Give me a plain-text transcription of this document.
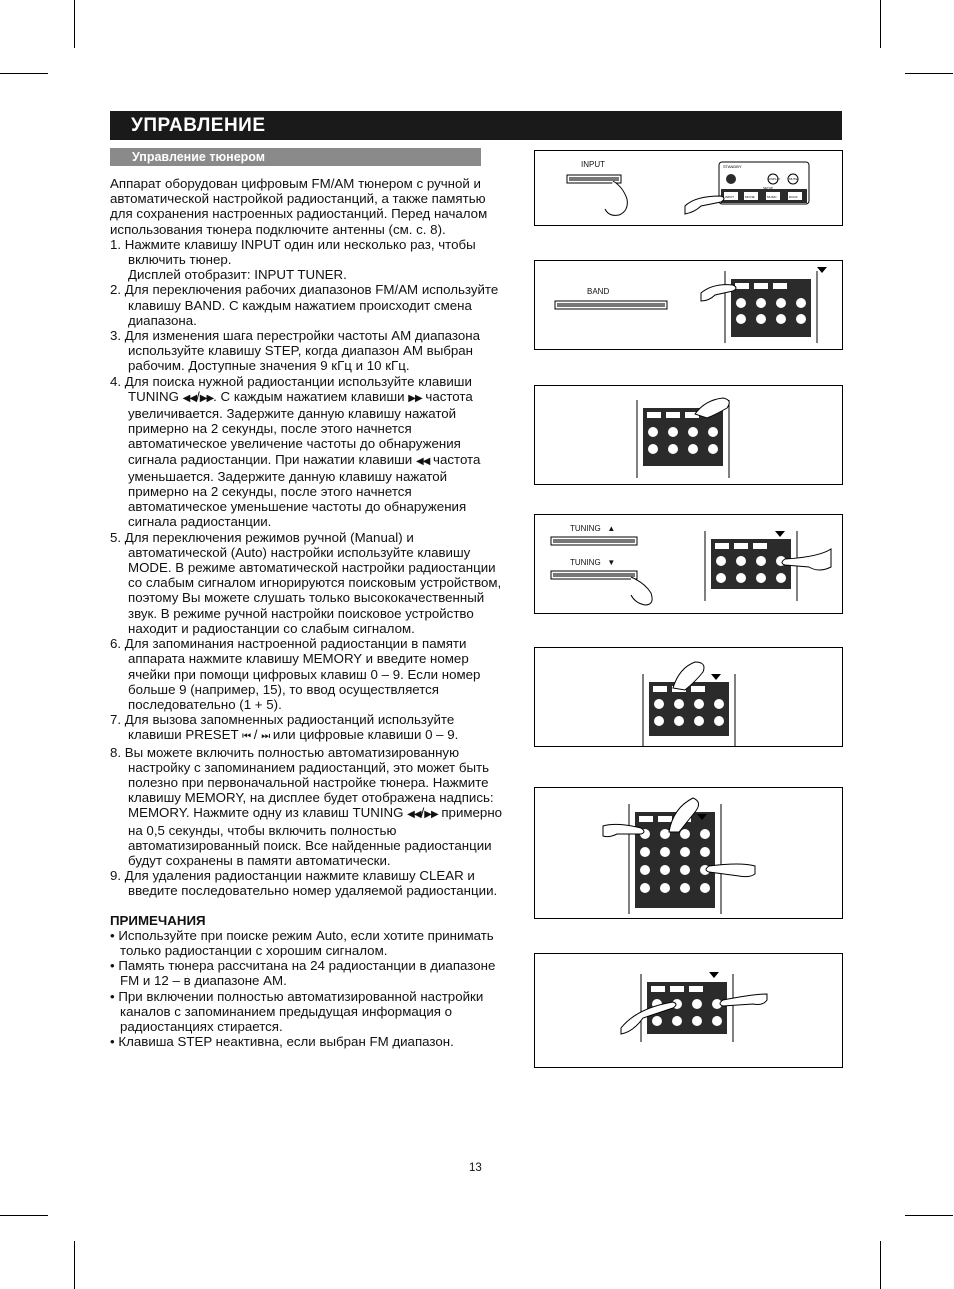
УПРАВЛЕНИЕ
Управление тюнером

Аппарат оборудован цифровым FM/AM тюнером с ручной и автоматической настройкой радиостанций, а также памятью для сохранения настроенных радиостанций. Перед началом использования тюнера подключите антенны (см. с. 8).

1. Нажмите клавишу INPUT один или несколько раз, чтобы включить тюнер.

Дисплей отобразит: INPUT TUNER.

2. Для переключения рабочих диапазонов FM/AM используйте клавишу BAND. С каждым нажатием происходит смена диапазона.

3. Для изменения шага перестройки частоты AM диапазона используйте клавишу STEP, когда диапазон AM выбран рабочим. Доступные значения 9 кГц и 10 кГц.

4. Для поиска нужной радиостанции используйте клавиши TUNING ◀◀/▶▶. С каждым нажатием клавиши ▶▶ частота увеличивается. Задержите данную клавишу нажатой примерно на 2 секунды, после этого начнется автоматическое увеличение частоты до обнаружения сигнала радиостанции. При нажатии клавиши ◀◀ частота уменьшается. Задержите данную клавишу нажатой примерно на 2 секунды, после этого начнется автоматическое уменьшение частоты до обнаружения сигнала радиостанции.

5. Для переключения режимов ручной (Manual) и автоматической (Auto) настройки используйте клавишу MODE. В режиме автоматической настройки радиостанции со слабым сигналом игнорируются поисковым устройством, поэтому Вы можете слушать только высококачественный звук. В режиме ручной настройки поисковое устройство находит и радиостанции со слабым сигналом.

6. Для запоминания настроенной радиостанции в памяти аппарата нажмите клавишу MEMORY и введите номер ячейки при помощи цифровых клавиш 0 – 9. Если номер больше 9 (например, 15), то ввод осуществляется последовательно (1 + 5).

7. Для вызова запомненных радиостанций используйте клавиши PRESET ⏮ / ⏭ или цифровые клавиши 0 – 9.

8. Вы можете включить полностью автоматизированную настройку с запоминанием радиостанций, это может быть полезно при первоначальной настройке тюнера. Нажмите клавишу MEMORY, на дисплее будет отображена надпись: MEMORY. Нажмите одну из клавиш TUNING ◀◀/▶▶ примерно на 0,5 секунды, чтобы включить полностью автоматизированный поиск. Все найденные радиостанции будут сохранены в памяти автоматически.

9. Для удаления радиостанции нажмите клавишу CLEAR и введите последовательно номер удаляемой радиостанции.

ПРИМЕЧАНИЯ

• Используйте при поиске режим Auto, если хотите принимать только радиостанции с хорошим сигналом.

• Память тюнера рассчитана на 24 радиостанции в диапазоне FM и 12 – в диапазоне AM.

• При включении полностью автоматизированной настройки каналов с запоминанием предыдущая информация о радиостанциях стирается.

• Клавиша STEP неактивна, если выбран FM диапазон.

13
INPUT	STANDBY
DISPLAY	MUTE
SETUP
INPUT	MOVIE	MUSIC	DOCK
BAND
TUNING ▲
TUNING ▼
